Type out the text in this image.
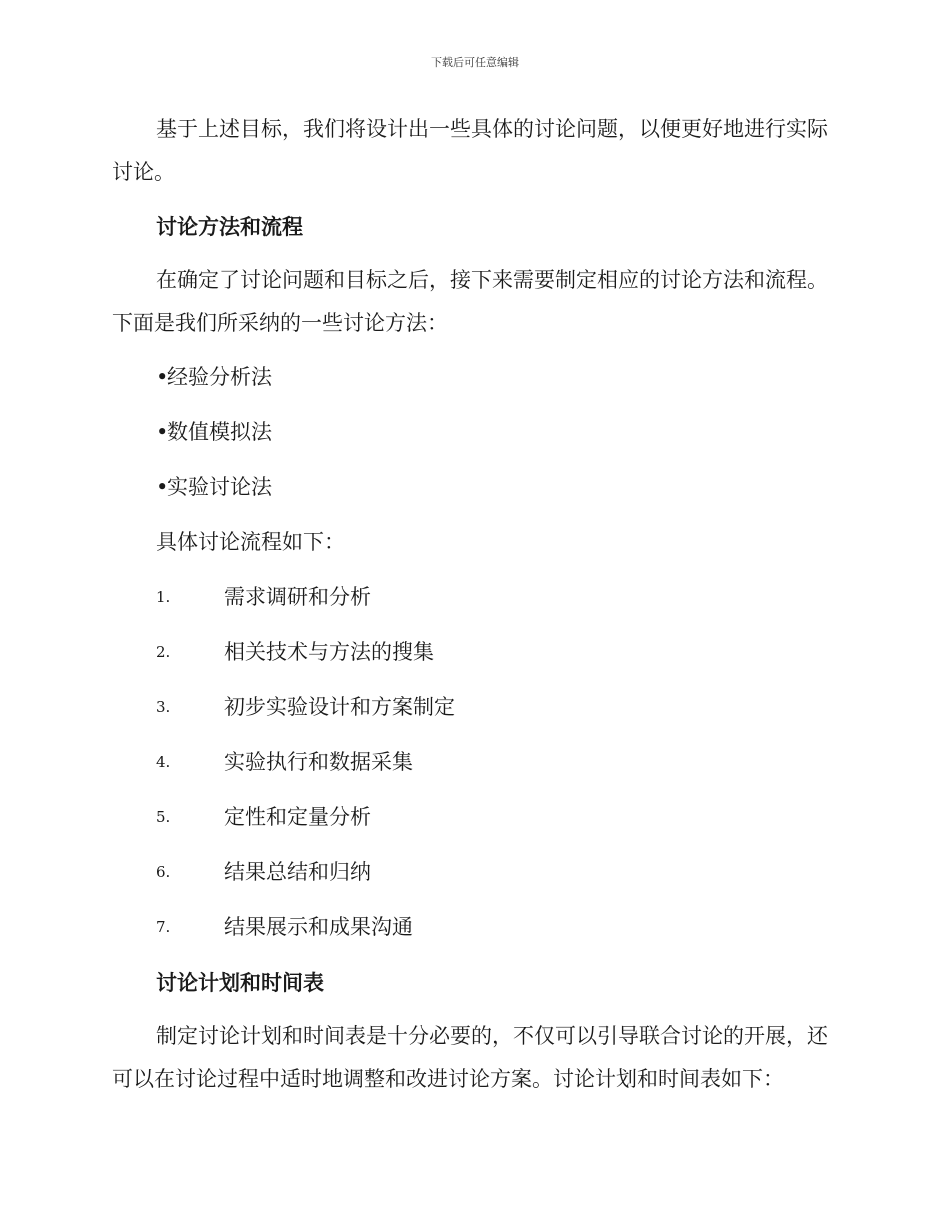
下载后可任意编辑

基于上述目标，我们将设计出一些具体的讨论问题，以便更好地进行实际讨论。

讨论方法和流程

在确定了讨论问题和目标之后，接下来需要制定相应的讨论方法和流程。下面是我们所采纳的一些讨论方法：

•经验分析法
•数值模拟法
•实验讨论法
具体讨论流程如下：
1.	需求调研和分析
2.	相关技术与方法的搜集
3.	初步实验设计和方案制定
4.	实验执行和数据采集
5.	定性和定量分析
6.	结果总结和归纳
7.	结果展示和成果沟通
讨论计划和时间表

制定讨论计划和时间表是十分必要的，不仅可以引导联合讨论的开展，还可以在讨论过程中适时地调整和改进讨论方案。讨论计划和时间表如下：
